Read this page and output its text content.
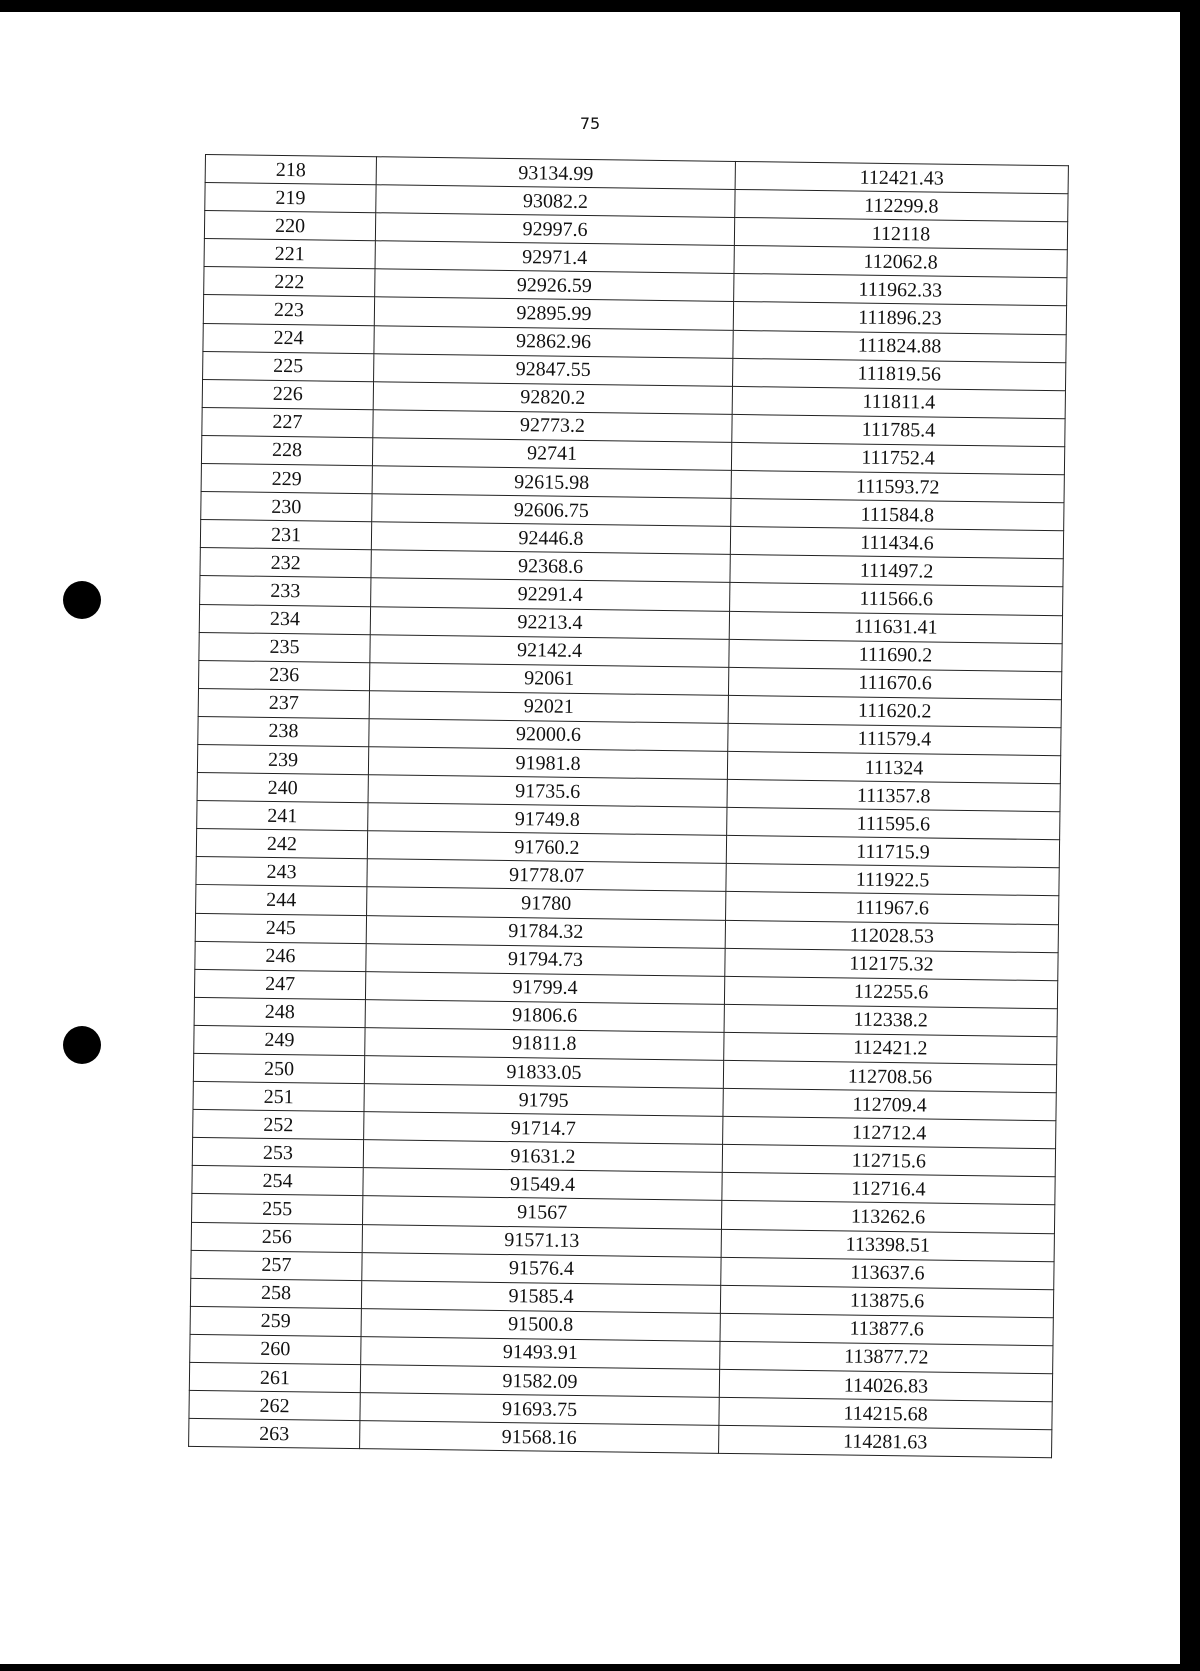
75
218	93134.99	112421.43
219	93082.2	112299.8
220	92997.6	112118
221	92971.4	112062.8
222	92926.59	111962.33
223	92895.99	111896.23
224	92862.96	111824.88
225	92847.55	111819.56
226	92820.2	111811.4
227	92773.2	111785.4
228	92741	111752.4
229	92615.98	111593.72
230	92606.75	111584.8
231	92446.8	111434.6
232	92368.6	111497.2
233	92291.4	111566.6
234	92213.4	111631.41
235	92142.4	111690.2
236	92061	111670.6
237	92021	111620.2
238	92000.6	111579.4
239	91981.8	111324
240	91735.6	111357.8
241	91749.8	111595.6
242	91760.2	111715.9
243	91778.07	111922.5
244	91780	111967.6
245	91784.32	112028.53
246	91794.73	112175.32
247	91799.4	112255.6
248	91806.6	112338.2
249	91811.8	112421.2
250	91833.05	112708.56
251	91795	112709.4
252	91714.7	112712.4
253	91631.2	112715.6
254	91549.4	112716.4
255	91567	113262.6
256	91571.13	113398.51
257	91576.4	113637.6
258	91585.4	113875.6
259	91500.8	113877.6
260	91493.91	113877.72
261	91582.09	114026.83
262	91693.75	114215.68
263	91568.16	114281.63
